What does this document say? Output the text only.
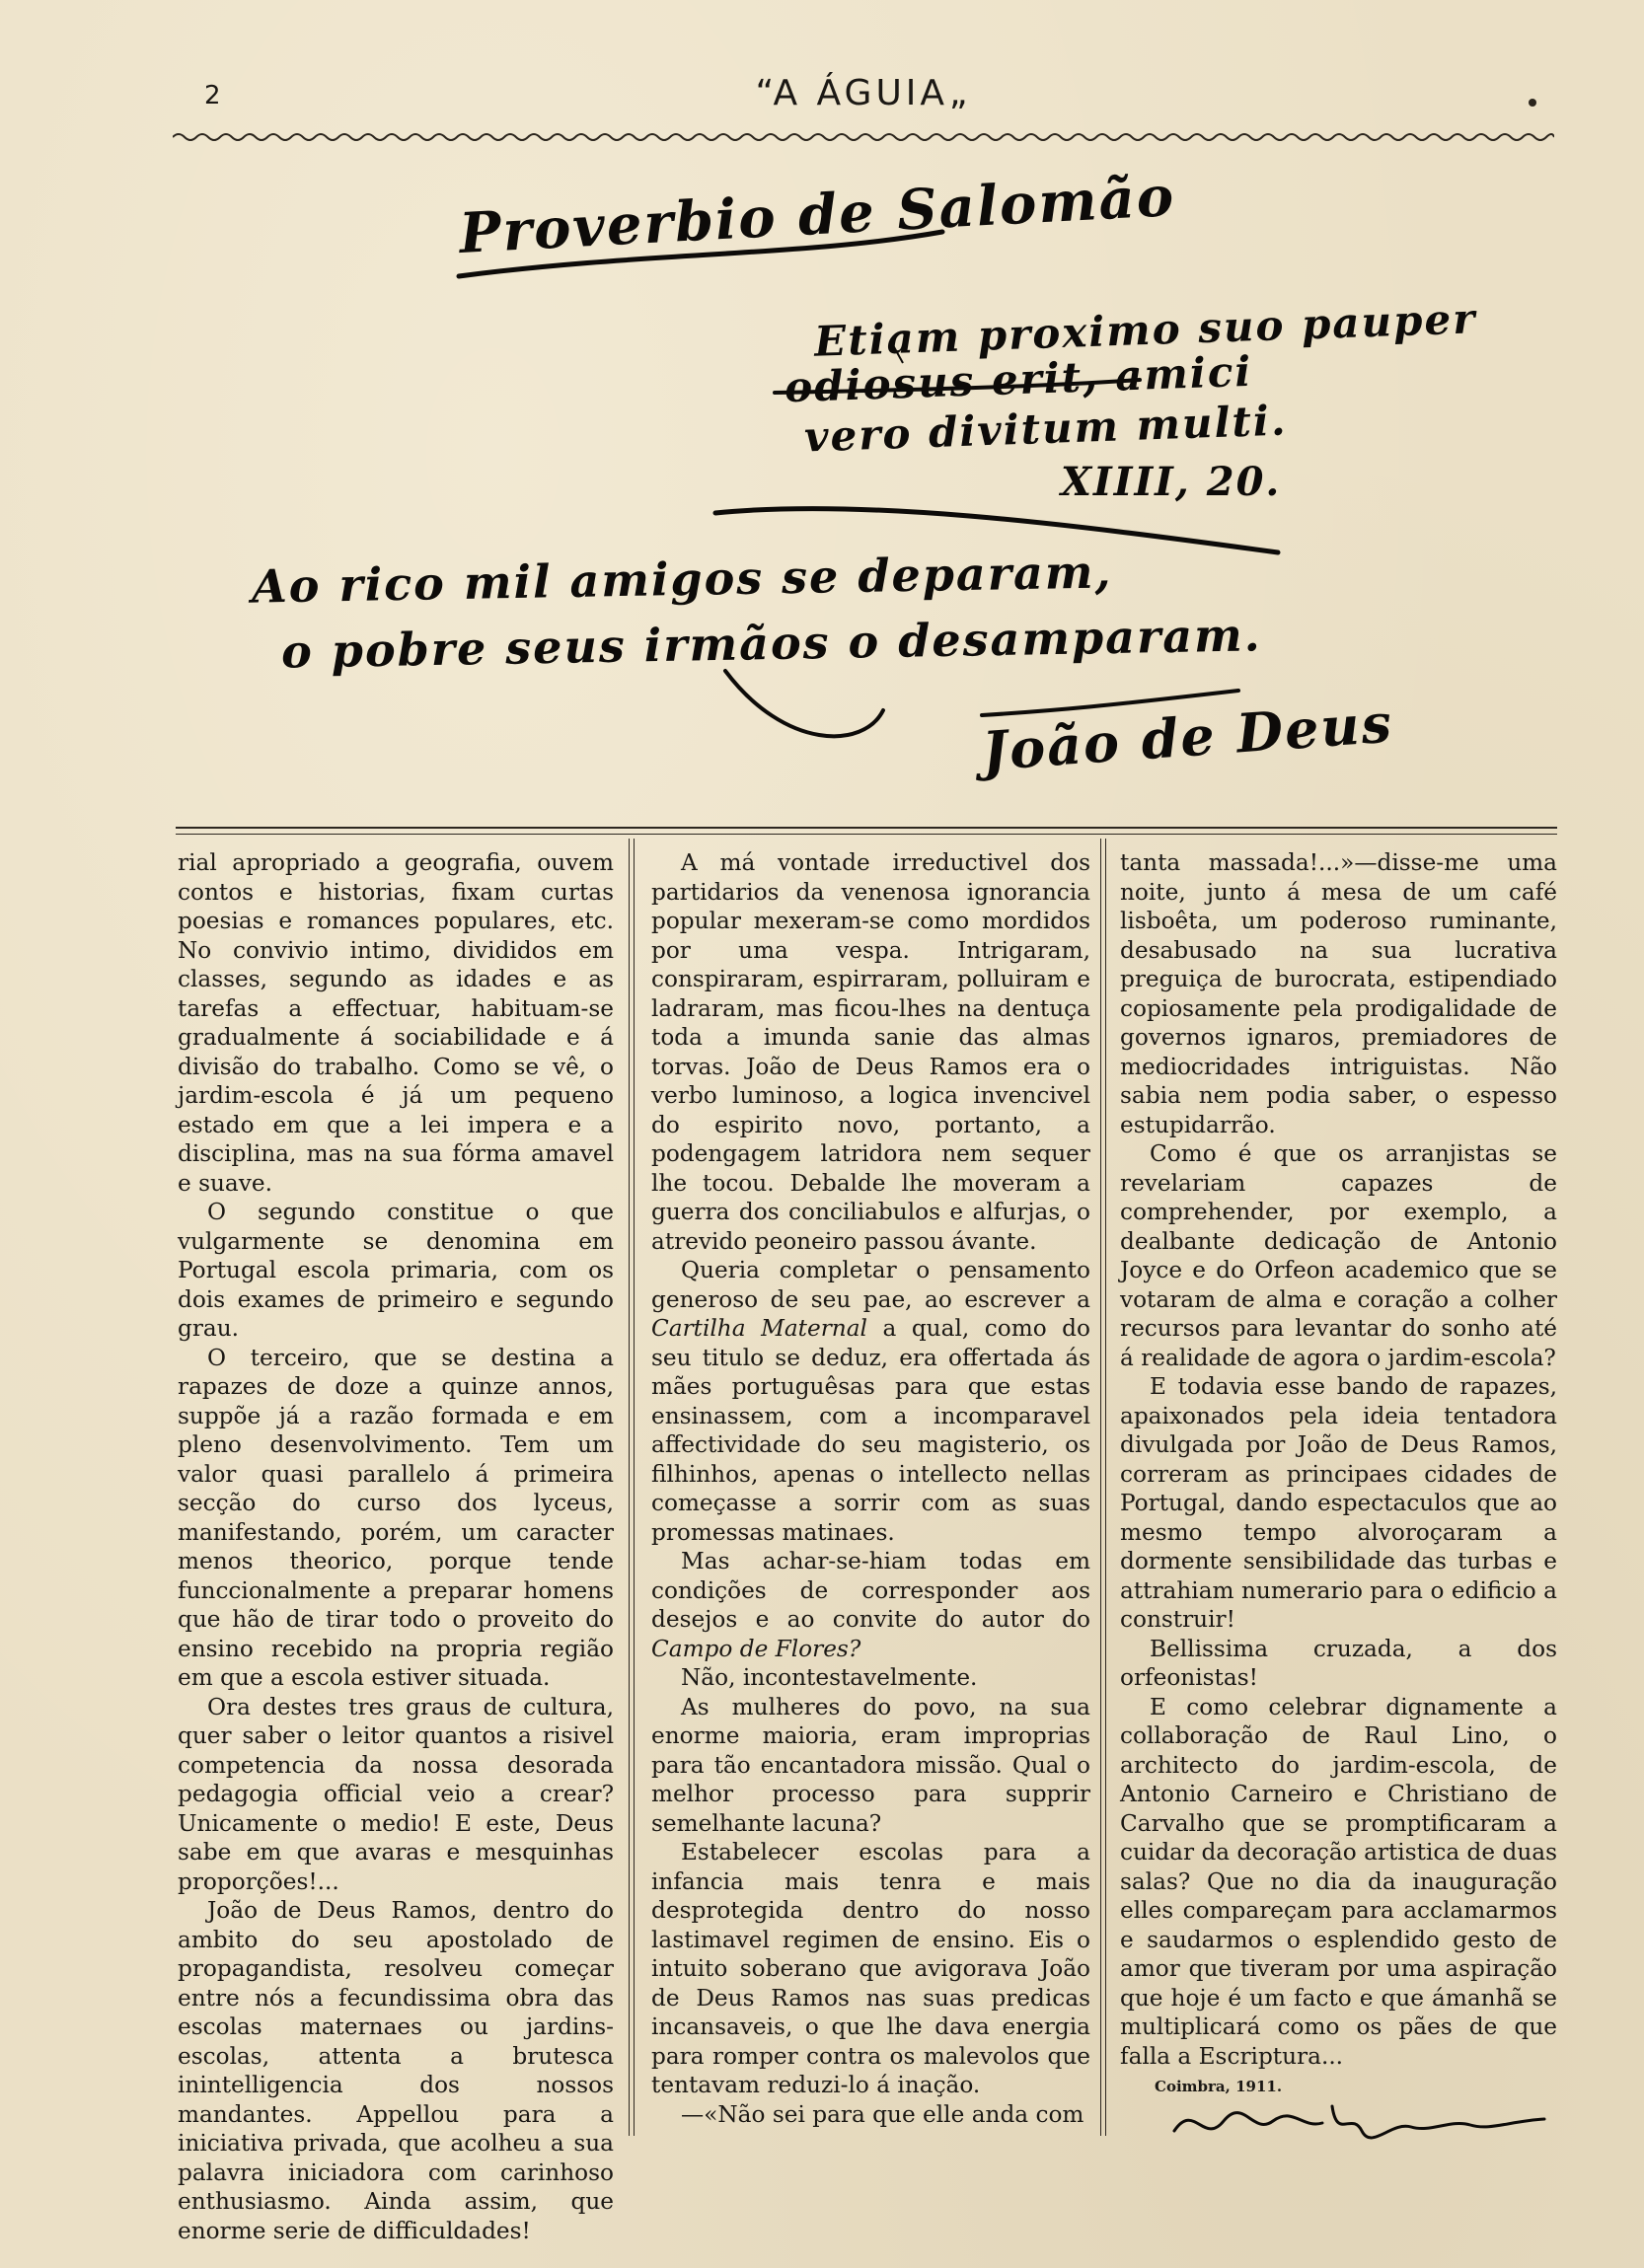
2	“A ÁGUIA„
Proverbio de Salomão
Etiam proximo suo pauper
odiosus erit, amici
vero divitum multi.
XIIII, 20.
Ao rico mil amigos se deparam,
o pobre seus irmãos o desamparam.
João de Deus

rial apropriado a geografia, ouvem contos e historias, fixam curtas poesias e romances populares, etc. No convivio intimo, divididos em classes, segundo as idades e as tarefas a effectuar, habituam-se gradualmente á sociabilidade e á divisão do trabalho. Como se vê, o jardim-escola é já um pequeno estado em que a lei impera e a disciplina, mas na sua fórma amavel e suave.

O segundo constitue o que vulgarmente se denomina em Portugal escola primaria, com os dois exames de primeiro e segundo grau.

O terceiro, que se destina a rapazes de doze a quinze annos, suppõe já a razão formada e em pleno desenvolvimento. Tem um valor quasi parallelo á primeira secção do curso dos lyceus, manifestando, porém, um caracter menos theorico, porque tende funccionalmente a preparar homens que hão de tirar todo o proveito do ensino recebido na propria região em que a escola estiver situada.

Ora destes tres graus de cultura, quer saber o leitor quantos a risivel competencia da nossa desorada pedagogia official veio a crear? Unicamente o medio! E este, Deus sabe em que avaras e mesquinhas proporções!...

João de Deus Ramos, dentro do ambito do seu apostolado de propagandista, resolveu começar entre nós a fecundissima obra das escolas maternaes ou jardins-escolas, attenta a brutesca inintelligencia dos nossos mandantes. Appellou para a iniciativa privada, que acolheu a sua palavra iniciadora com carinhoso enthusiasmo. Ainda assim, que enorme serie de difficuldades!

A má vontade irreductivel dos partidarios da venenosa ignorancia popular mexeram-se como mordidos por uma vespa. Intrigaram, conspiraram, espirraram, polluiram e ladraram, mas ficou-lhes na dentuça toda a imunda sanie das almas torvas. João de Deus Ramos era o verbo luminoso, a logica invencivel do espirito novo, portanto, a podengagem latridora nem sequer lhe tocou. Debalde lhe moveram a guerra dos conciliabulos e alfurjas, o atrevido peoneiro passou ávante.

Queria completar o pensamento generoso de seu pae, ao escrever a Cartilha Maternal a qual, como do seu titulo se deduz, era offertada ás mães portuguêsas para que estas ensinassem, com a incomparavel affectividade do seu magisterio, os filhinhos, apenas o intellecto nellas começasse a sorrir com as suas promessas matinaes.

Mas achar-se-hiam todas em condições de corresponder aos desejos e ao convite do autor do Campo de Flores?

Não, incontestavelmente.

As mulheres do povo, na sua enorme maioria, eram improprias para tão encantadora missão. Qual o melhor processo para supprir semelhante lacuna?

Estabelecer escolas para a infancia mais tenra e mais desprotegida dentro do nosso lastimavel regimen de ensino. Eis o intuito soberano que avigorava João de Deus Ramos nas suas predicas incansaveis, o que lhe dava energia para romper contra os malevolos que tentavam reduzi-lo á inação.

—«Não sei para que elle anda com

tanta massada!...»—disse-me uma noite, junto á mesa de um café lisboêta, um poderoso ruminante, desabusado na sua lucrativa preguiça de burocrata, estipendiado copiosamente pela prodigalidade de governos ignaros, premiadores de mediocridades intriguistas. Não sabia nem podia saber, o espesso estupidarrão.

Como é que os arranjistas se revelariam capazes de comprehender, por exemplo, a dealbante dedicação de Antonio Joyce e do Orfeon academico que se votaram de alma e coração a colher recursos para levantar do sonho até á realidade de agora o jardim-escola?

E todavia esse bando de rapazes, apaixonados pela ideia tentadora divulgada por João de Deus Ramos, correram as principaes cidades de Portugal, dando espectaculos que ao mesmo tempo alvoroçaram a dormente sensibilidade das turbas e attrahiam numerario para o edificio a construir!

Bellissima cruzada, a dos orfeonistas!

E como celebrar dignamente a collaboração de Raul Lino, o architecto do jardim-escola, de Antonio Carneiro e Christiano de Carvalho que se promptificaram a cuidar da decoração artistica de duas salas? Que no dia da inauguração elles compareçam para acclamarmos e saudarmos o esplendido gesto de amor que tiveram por uma aspiração que hoje é um facto e que ámanhã se multiplicará como os pães de que falla a Escriptura...

Coimbra, 1911.
